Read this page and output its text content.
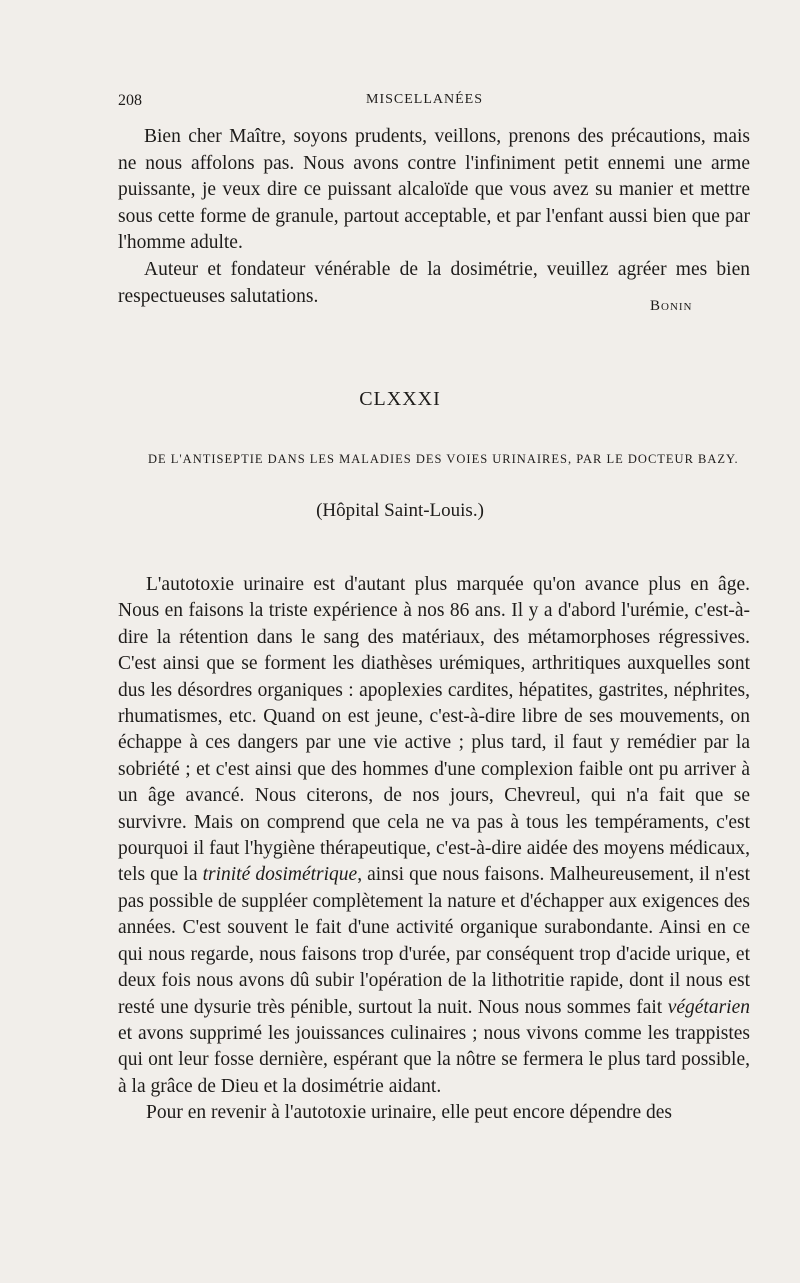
208	MISCELLANÉES

Bien cher Maître, soyons prudents, veillons, prenons des précautions, mais ne nous affolons pas. Nous avons contre l'infiniment petit ennemi une arme puissante, je veux dire ce puissant alcaloïde que vous avez su manier et mettre sous cette forme de granule, partout acceptable, et par l'enfant aussi bien que par l'homme adulte.

Auteur et fondateur vénérable de la dosimétrie, veuillez agréer mes bien respectueuses salutations.	Bonin
CLXXXI
DE L'ANTISEPTIE DANS LES MALADIES DES VOIES URINAIRES, PAR LE DOCTEUR BAZY.
(Hôpital Saint-Louis.)

L'autotoxie urinaire est d'autant plus marquée qu'on avance plus en âge. Nous en faisons la triste expérience à nos 86 ans. Il y a d'abord l'urémie, c'est-à-dire la rétention dans le sang des matériaux, des métamorphoses régressives. C'est ainsi que se forment les diathèses urémiques, arthritiques auxquelles sont dus les désordres organiques : apoplexies cardites, hépatites, gastrites, néphrites, rhumatismes, etc. Quand on est jeune, c'est-à-dire libre de ses mouvements, on échappe à ces dangers par une vie active ; plus tard, il faut y remédier par la sobriété ; et c'est ainsi que des hommes d'une complexion faible ont pu arriver à un âge avancé. Nous citerons, de nos jours, Chevreul, qui n'a fait que se survivre. Mais on comprend que cela ne va pas à tous les tempéraments, c'est pourquoi il faut l'hygiène thérapeutique, c'est-à-dire aidée des moyens médicaux, tels que la trinité dosimétrique, ainsi que nous faisons. Malheureusement, il n'est pas possible de suppléer complètement la nature et d'échapper aux exigences des années. C'est souvent le fait d'une activité organique surabondante. Ainsi en ce qui nous regarde, nous faisons trop d'urée, par conséquent trop d'acide urique, et deux fois nous avons dû subir l'opération de la lithotritie rapide, dont il nous est resté une dysurie très pénible, surtout la nuit. Nous nous sommes fait végétarien et avons supprimé les jouissances culinaires ; nous vivons comme les trappistes qui ont leur fosse dernière, espérant que la nôtre se fermera le plus tard possible, à la grâce de Dieu et la dosimétrie aidant.

Pour en revenir à l'autotoxie urinaire, elle peut encore dépendre des
